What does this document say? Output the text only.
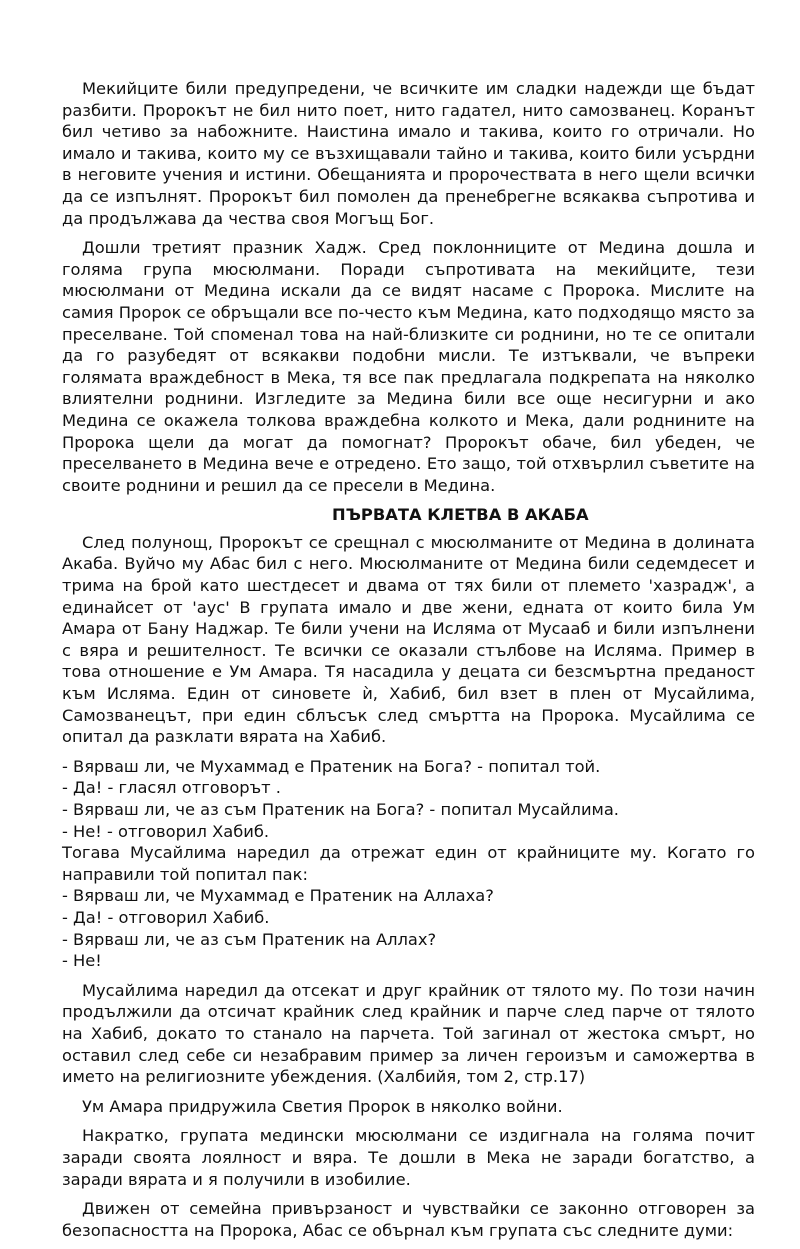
Мекийците били предупредени, че всичките им сладки надежди ще бъдат разбити. Пророкът не бил нито поет, нито гадател, нито самозванец. Коранът бил четиво за набожните. Наистина имало и такива, които го отричали. Но имало и такива, които му се възхищавали тайно и такива, които били усърдни в неговите учения и истини. Обещанията и пророчествата в него щели всички да се изпълнят. Пророкът бил помолен да пренебрегне всякаква съпротива и да продължава да чества своя Могъщ Бог.

Дошли третият празник Хадж. Сред поклонниците от Медина дошла и голяма група мюсюлмани. Поради съпротивата на мекийците, тези мюсюлмани от Медина искали да се видят насаме с Пророка. Мислите на самия Пророк се обръщали все по-често към Медина, като подходящо място за преселване. Той споменал това на най-близките си роднини, но те се опитали да го разубедят от всякакви подобни мисли. Те изтъквали, че въпреки голямата враждебност в Мека, тя все пак предлагала подкрепата на няколко влиятелни роднини. Изгледите за Медина били все още несигурни и ако Медина се окажела толкова враждебна колкото и Мека, дали роднините на Пророка щели да могат да помогнат? Пророкът обаче, бил убеден, че преселването в Медина вече е отредено. Ето защо, той отхвърлил съветите на своите роднини и решил да се пресели в Медина.

ПЪРВАТА КЛЕТВА В АКАБА

След полунощ, Пророкът се срещнал с мюсюлманите от Медина в долината Акаба. Вуйчо му Абас бил с него. Мюсюлманите от Медина били седемдесет и трима на брой като шестдесет и двама от тях били от племето 'хазрадж', а единайсет от 'аус' В групата имало и две жени, едната от които била Ум Амара от Бану Наджар. Те били учени на Исляма от Мусааб и били изпълнени с вяра и решителност. Те всички се оказали стълбове на Исляма. Пример в това отношение е Ум Амара. Тя насадила у децата си безсмъртна преданост към Исляма. Един от синовете ѝ, Хабиб, бил взет в плен от Мусайлима, Самозванецът, при един сблъсък след смъртта на Пророка. Мусайлима се опитал да разклати вярата на Хабиб.

- Вярваш ли, че Мухаммад е Пратеник на Бога? - попитал той.

- Да! - гласял отговорът .

- Вярваш ли, че аз съм Пратеник на Бога? - попитал Мусайлима.

- Не! - отговорил Хабиб.

Тогава Мусайлима наредил да отрежат един от крайниците му. Когато го направили той попитал пак:

- Вярваш ли, че Мухаммад е Пратеник на Аллаха?

- Да! - отговорил Хабиб.

- Вярваш ли, че аз съм Пратеник на Аллах?

- Не!

Мусайлима наредил да отсекат и друг крайник от тялото му. По този начин продължили да отсичат крайник след крайник и парче след парче от тялото на Хабиб, докато то станало на парчета. Той загинал от жестока смърт, но оставил след себе си незабравим пример за личен героизъм и саможертва в името на религиозните убеждения. (Халбийя, том 2, стр.17)

Ум Амара придружила Светия Пророк в няколко войни.

Накратко, групата медински мюсюлмани се издигнала на голяма почит заради своята лоялност и вяра. Те дошли в Мека не заради богатство, а заради вярата и я получили в изобилие.

Движен от семейна привързаност и чувствайки се законно отговорен за безопасността на Пророка, Абас се обърнал към групата със следните думи:
